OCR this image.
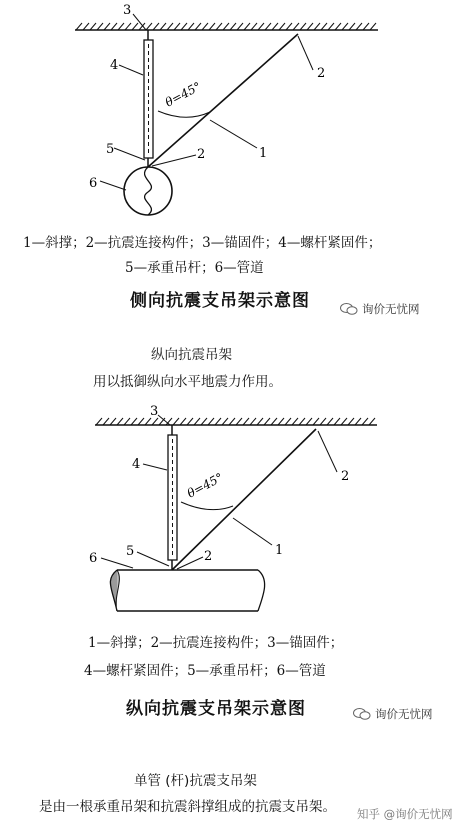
3
4
5
6
2	1
2
θ=45°
1—斜撑；2—抗震连接构件；3—锚固件；4—螺杆紧固件；
5—承重吊杆；6—管道
侧向抗震支吊架示意图	询价无忧网
纵向抗震吊架
用以抵御纵向水平地震力作用。
3
4
5
6	2	1
2
θ=45°
1—斜撑；2—抗震连接构件；3—锚固件；
4—螺杆紧固件；5—承重吊杆；6—管道
纵向抗震支吊架示意图	询价无忧网
单管 (杆)抗震支吊架
是由一根承重吊架和抗震斜撑组成的抗震支吊架。 知乎 @询价无忧网
